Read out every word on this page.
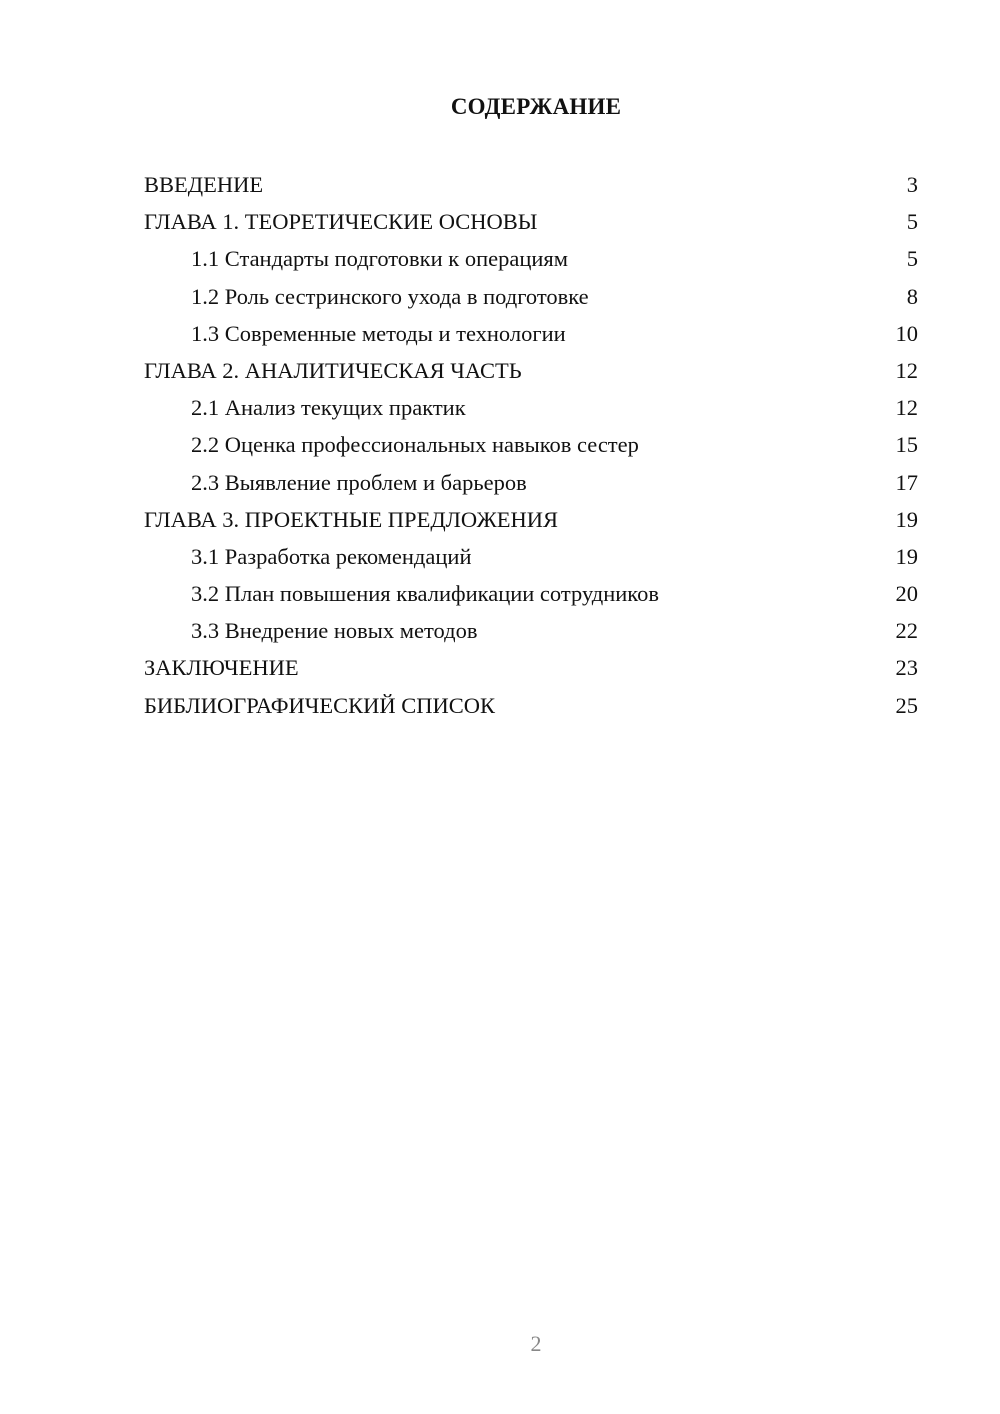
СОДЕРЖАНИЕ
ВВЕДЕНИЕ	3
ГЛАВА 1. ТЕОРЕТИЧЕСКИЕ ОСНОВЫ	5
1.1 Стандарты подготовки к операциям	5
1.2 Роль сестринского ухода в подготовке	8
1.3 Современные методы и технологии	10
ГЛАВА 2. АНАЛИТИЧЕСКАЯ ЧАСТЬ	12
2.1 Анализ текущих практик	12
2.2 Оценка профессиональных навыков сестер	15
2.3 Выявление проблем и барьеров	17
ГЛАВА 3. ПРОЕКТНЫЕ ПРЕДЛОЖЕНИЯ	19
3.1 Разработка рекомендаций	19
3.2 План повышения квалификации сотрудников	20
3.3 Внедрение новых методов	22
ЗАКЛЮЧЕНИЕ	23
БИБЛИОГРАФИЧЕСКИЙ СПИСОК	25
2
